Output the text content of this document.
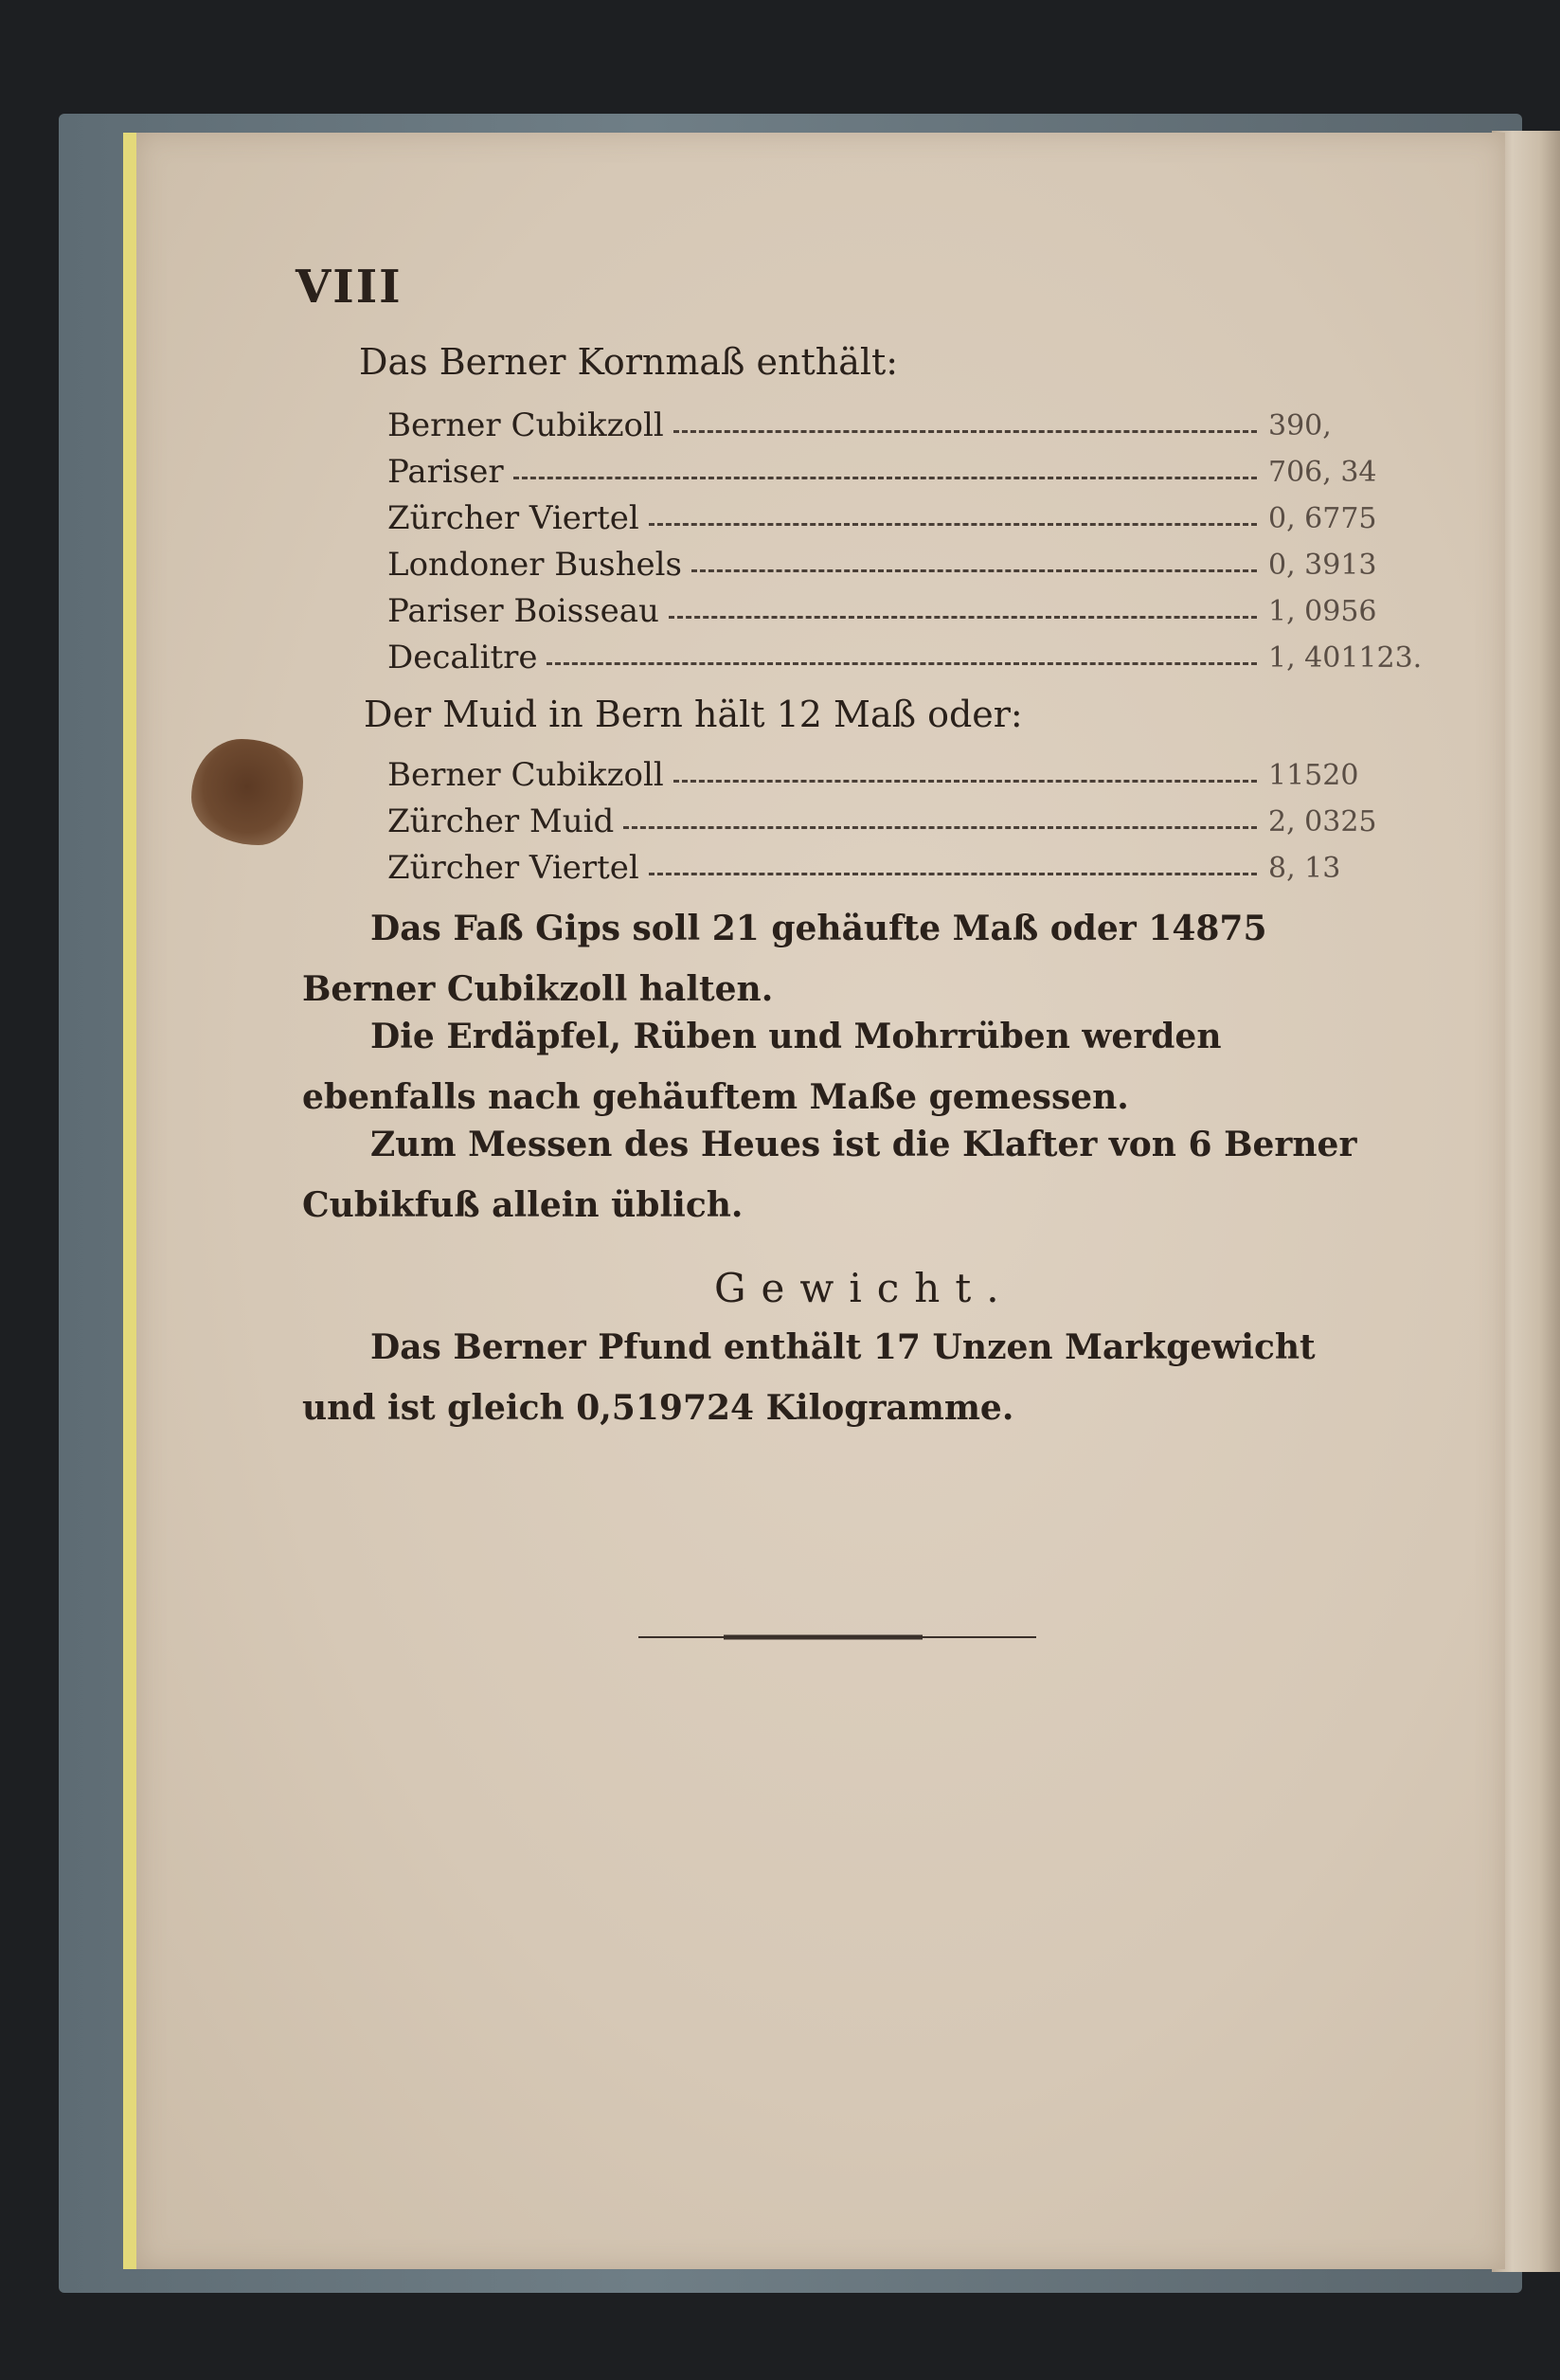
VIII
Das Berner Kornmaß enthält:
Berner Cubikzoll	390,
Pariser	706, 34
Zürcher Viertel	0, 6775
Londoner Bushels	0, 3913
Pariser Boisseau	1, 0956
Decalitre	1, 401123.
Der Muid in Bern hält 12 Maß oder:
Berner Cubikzoll	11520
Zürcher Muid	2, 0325
Zürcher Viertel	8, 13
Das Faß Gips soll 21 gehäufte Maß oder 14875 Berner Cubikzoll halten.
Die Erdäpfel, Rüben und Mohrrüben werden ebenfalls nach gehäuftem Maße gemessen.
Zum Messen des Heues ist die Klafter von 6 Berner Cubikfuß allein üblich.
Gewicht.
Das Berner Pfund enthält 17 Unzen Markgewicht und ist gleich 0,519724 Kilogramme.
